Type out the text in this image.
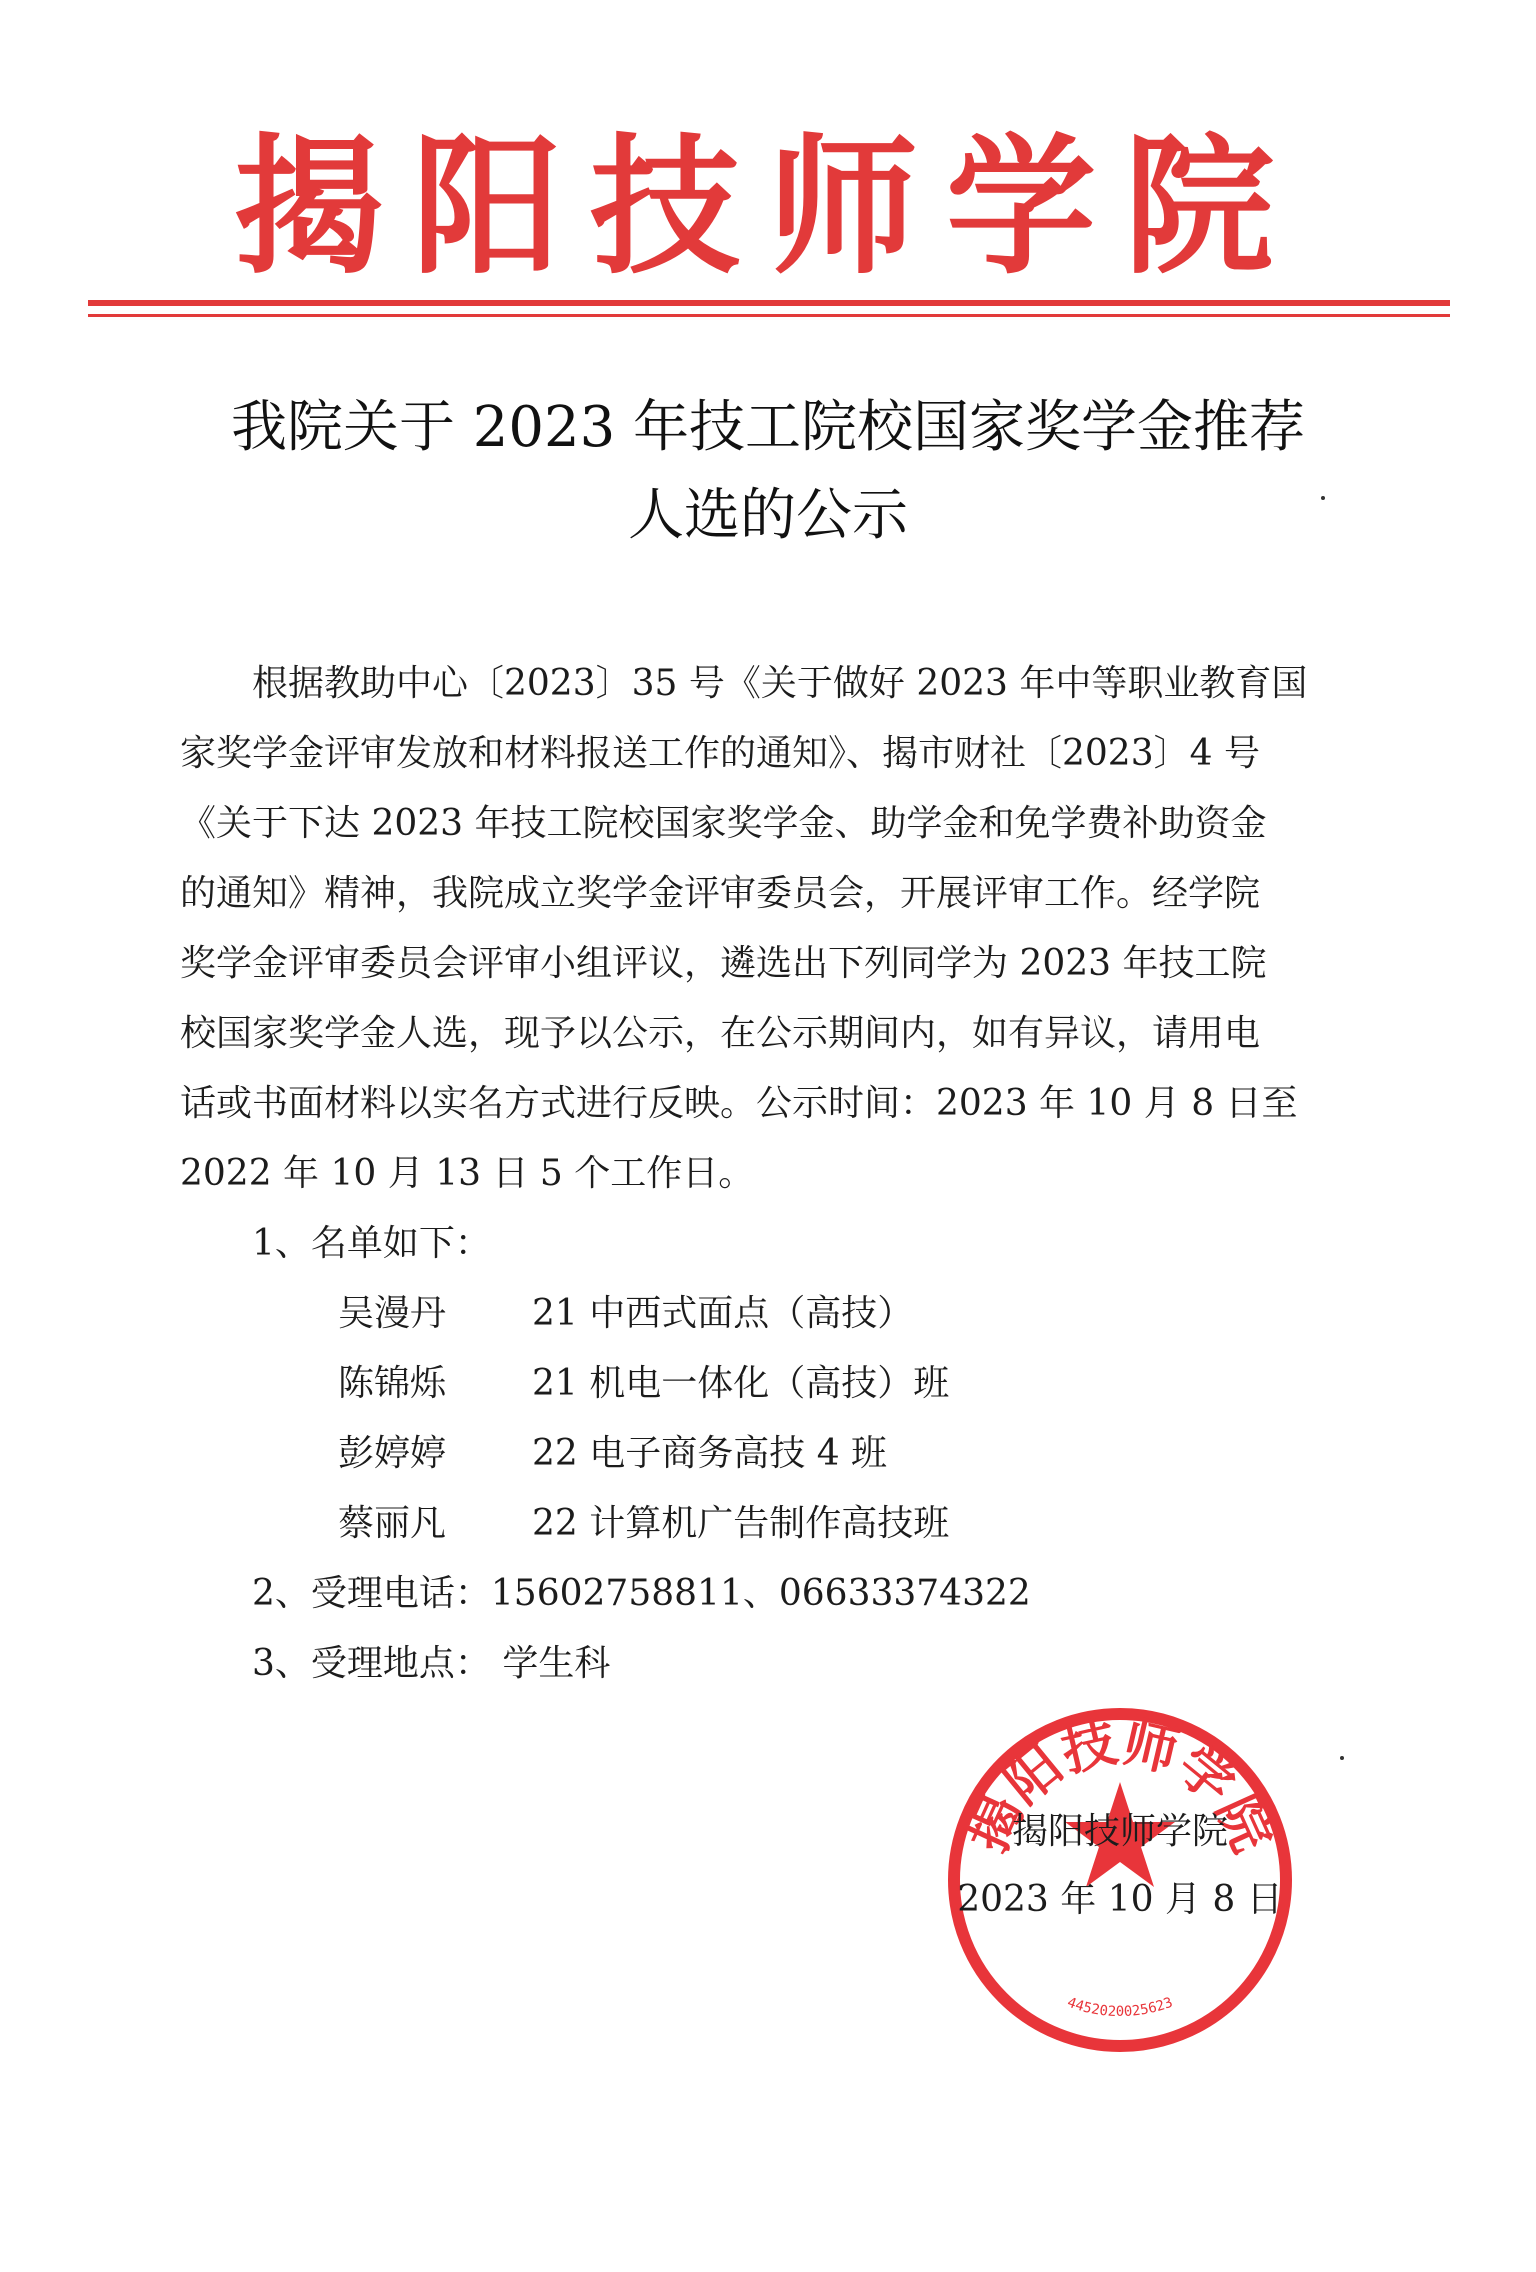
揭阳技师学院
我院关于 2023 年技工院校国家奖学金推荐
人选的公示
根据教助中心〔2023〕35 号《关于做好 2023 年中等职业教育国
家奖学金评审发放和材料报送工作的通知》、揭市财社〔2023〕4 号
《关于下达 2023 年技工院校国家奖学金、助学金和免学费补助资金
的通知》精神，我院成立奖学金评审委员会，开展评审工作。经学院
奖学金评审委员会评审小组评议，遴选出下列同学为 2023 年技工院
校国家奖学金人选，现予以公示，在公示期间内，如有异议，请用电
话或书面材料以实名方式进行反映。公示时间：2023 年 10 月 8 日至
2022 年 10 月 13 日 5 个工作日。
1、名单如下：
吴漫丹 21 中西式面点（高技）
陈锦烁 21 机电一体化（高技）班
彭婷婷 22 电子商务高技 4 班
蔡丽凡 22 计算机广告制作高技班
2、受理电话：15602758811、06633374322
3、受理地点： 学生科
揭阳技师学院
4452020025623
揭阳技师学院
2023 年 10 月 8 日
